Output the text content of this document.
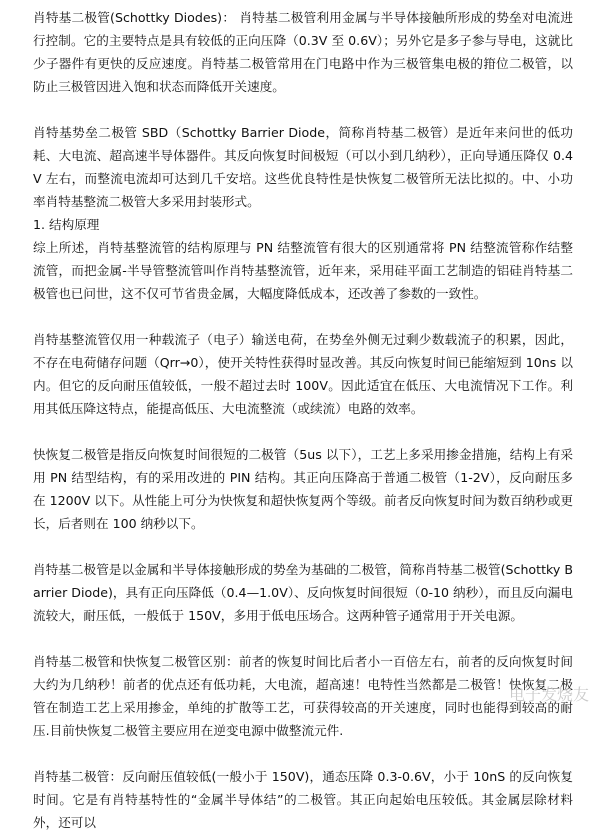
肖特基二极管(Schottky Diodes)： 肖特基二极管利用金属与半导体接触所形成的势垒对电流进行控制。它的主要特点是具有较低的正向压降（0.3V 至 0.6V）；另外它是多子参与导电，这就比少子器件有更快的反应速度。肖特基二极管常用在门电路中作为三极管集电极的箝位二极管，以防止三极管因进入饱和状态而降低开关速度。

肖特基势垒二极管 SBD（Schottky Barrier Diode，简称肖特基二极管）是近年来问世的低功耗、大电流、超高速半导体器件。其反向恢复时间极短（可以小到几纳秒），正向导通压降仅 0.4V 左右，而整流电流却可达到几千安培。这些优良特性是快恢复二极管所无法比拟的。中、小功率肖特基整流二极管大多采用封装形式。

1. 结构原理

综上所述，肖特基整流管的结构原理与 PN 结整流管有很大的区别通常将 PN 结整流管称作结整流管，而把金属-半导管整流管叫作肖特基整流管，近年来，采用硅平面工艺制造的铝硅肖特基二极管也已问世，这不仅可节省贵金属，大幅度降低成本，还改善了参数的一致性。

肖特基整流管仅用一种载流子（电子）输送电荷，在势垒外侧无过剩少数载流子的积累，因此，不存在电荷储存问题（Qrr→0），使开关特性获得时显改善。其反向恢复时间已能缩短到 10ns 以内。但它的反向耐压值较低，一般不超过去时 100V。因此适宜在低压、大电流情况下工作。利用其低压降这特点，能提高低压、大电流整流（或续流）电路的效率。

快恢复二极管是指反向恢复时间很短的二极管（5us 以下），工艺上多采用掺金措施，结构上有采用 PN 结型结构，有的采用改进的 PIN 结构。其正向压降高于普通二极管（1-2V），反向耐压多在 1200V 以下。从性能上可分为快恢复和超快恢复两个等级。前者反向恢复时间为数百纳秒或更长，后者则在 100 纳秒以下。

肖特基二极管是以金属和半导体接触形成的势垒为基础的二极管，简称肖特基二极管(Schottky Barrier Diode)，具有正向压降低（0.4—1.0V）、反向恢复时间很短（0-10 纳秒），而且反向漏电流较大，耐压低，一般低于 150V，多用于低电压场合。这两种管子通常用于开关电源。

肖特基二极管和快恢复二极管区别：前者的恢复时间比后者小一百倍左右，前者的反向恢复时间大约为几纳秒！前者的优点还有低功耗，大电流，超高速！电特性当然都是二极管！快恢复二极管在制造工艺上采用掺金，单纯的扩散等工艺，可获得较高的开关速度，同时也能得到较高的耐压.目前快恢复二极管主要应用在逆变电源中做整流元件.

肖特基二极管：反向耐压值较低(一般小于 150V)，通态压降 0.3-0.6V，小于 10nS 的反向恢复时间。它是有肖特基特性的“金属半导体结”的二极管。其正向起始电压较低。其金属层除材料外，还可以

电子发烧友
